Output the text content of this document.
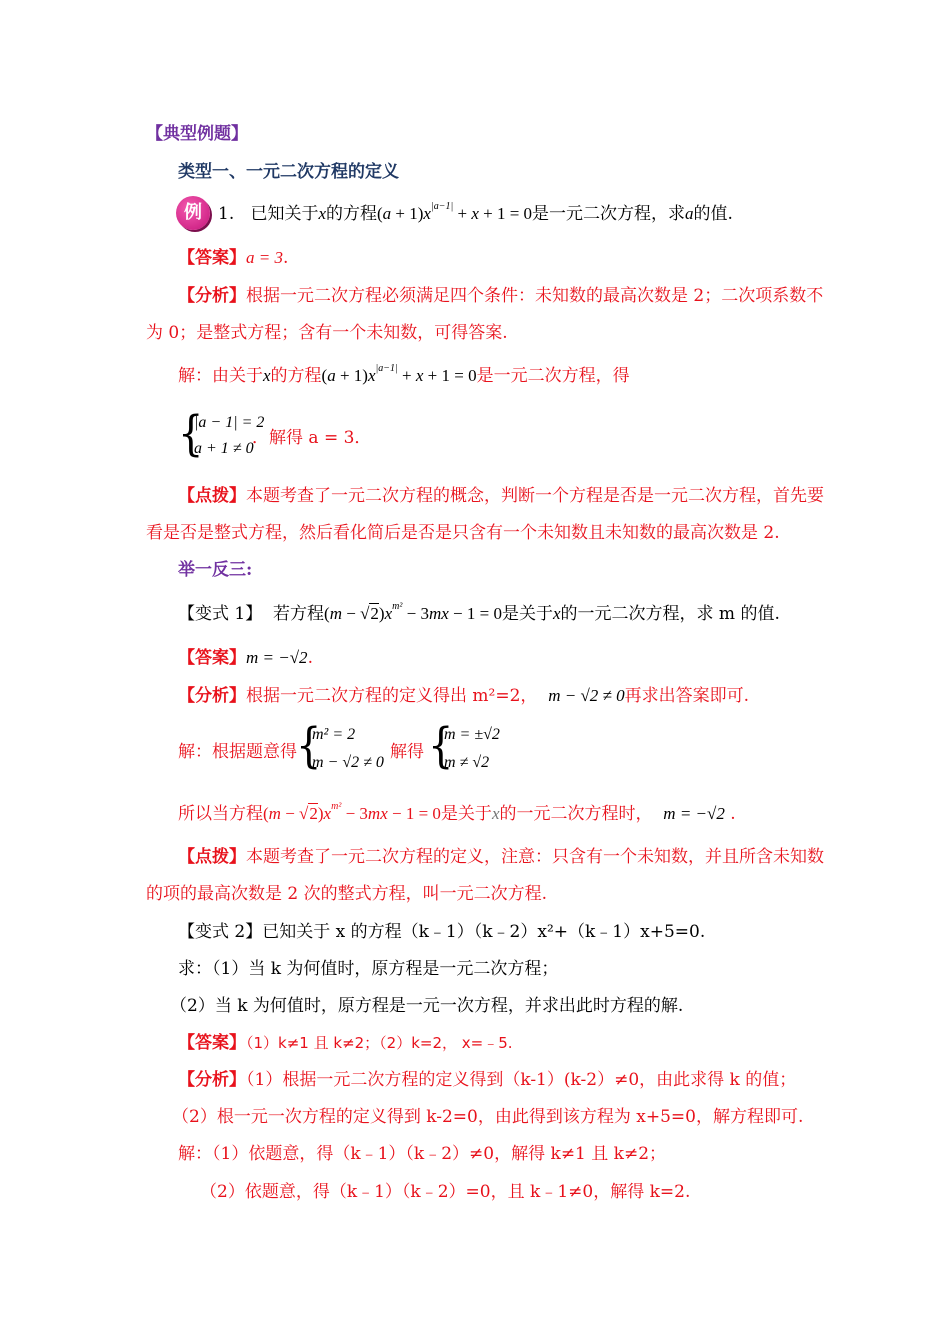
【典型例题】
类型一、一元二次方程的定义
例 1. 已知关于x的方程$(a + 1)x^{|a-1|} + x + 1 = 0$是一元二次方程，求a的值.
【答案】a = 3.
【分析】根据一元二次方程必须满足四个条件：未知数的最高次数是 2；二次项系数不
为 0；是整式方程；含有一个未知数，可得答案.
解：由关于x的方程$(a + 1)x^{|a-1|} + x + 1 = 0$是一元二次方程，得
{
|a − 1| = 2
a + 1 ≠ 0
．解得 a = 3．
【点拨】本题考查了一元二次方程的概念，判断一个方程是否是一元二次方程，首先要
看是否是整式方程，然后看化简后是否是只含有一个未知数且未知数的最高次数是 2.
举一反三:
【变式 1】 若方程$(m - √2)x^{m^2} - 3mx - 1 = 0$是关于x的一元二次方程，求 m 的值.
【答案】m = −√2.
【分析】根据一元二次方程的定义得出 m²=2， m − √2 ≠ 0再求出答案即可.
解：根据题意得 {
m² = 2
m − √2 ≠ 0
解得 {
m = ±√2
m ≠ √2
所以当方程$(m - √2)x^{m^2} - 3mx - 1 = 0$是关于x的一元二次方程时， m = −√2 .
【点拨】本题考查了一元二次方程的定义，注意：只含有一个未知数，并且所含未知数
的项的最高次数是 2 次的整式方程，叫一元二次方程.
【变式 2】已知关于 x 的方程（k﹣1）（k﹣2）x²+（k﹣1）x+5=0.
求：（1）当 k 为何值时，原方程是一元二次方程；
（2）当 k 为何值时，原方程是一元一次方程，并求出此时方程的解.
【答案】（1）k≠1 且 k≠2；（2）k=2， x=﹣5.
【分析】（1）根据一元二次方程的定义得到（k-1）(k-2）≠0，由此求得 k 的值；
（2）根一元一次方程的定义得到 k-2=0，由此得到该方程为 x+5=0，解方程即可.
解：（1）依题意，得（k﹣1）（k﹣2）≠0，解得 k≠1 且 k≠2；
（2）依题意，得（k﹣1）（k﹣2）=0，且 k﹣1≠0，解得 k=2.
